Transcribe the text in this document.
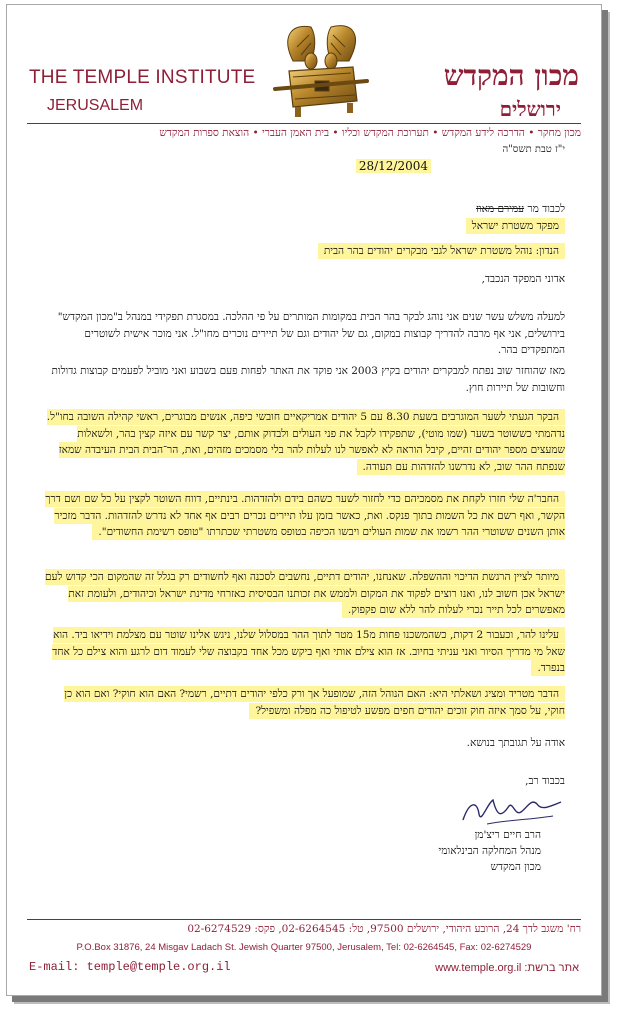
THE TEMPLE INSTITUTE
JERUSALEM
מכון המקדש
ירושלים
מכון מחקר • הדרכה לידע המקדש • תערוכת המקדש וכליו • בית האמן העברי • הוצאת ספרות המקדש
י"ז טבת תשס"ה
28/12/2004
לכבוד מר עמירם מאוז
מפקד משטרת ישראל
הנדון: נוהל משטרת ישראל לגבי מבקרים יהודים בהר הבית
אדוני המפקד הנכבד,
למעלה משלש עשר שנים אני נוהג לבקר בהר הבית במקומות המותרים על פי ההלכה. במסגרת תפקידי במנהל ב"מכון המקדש" בירושלים, אני אף מרבה להדריך קבוצות במקום, גם של יהודים וגם של תיירים נוכרים מחו"ל. אני מוכר אישית לשוטרים המתפקדים בהר.
מאז שהוחזר שוב נפתח למבקרים יהודים בקיץ 2003 אני פוקד את האתר לפחות פעם בשבוע ואני מוביל לפעמים קבוצות גדולות וחשובות של תיירות חוץ.
הבקר הגעתי לשער המוגרבים בשעת 8.30 עם 5 יהודים אמריקאיים חובשי כיפה, אנשים מבוגרים, ראשי קהילה השובה בחו"ל. נדהמתי כששוטר בשער (שמו מוטי), שתפקידו לקבל את פני העולים ולבדוק אותם, יצר קשר עם איזה קצין בהר, ולשאלות שמעצים מספר יהודים זהיים, קיבל הוראה לא לאפשר לנו לעלות להר בלי מסמכים מזהים, ואת, הר־הבית הבית העיבדה שמאז שנפתח ההר שוב, לא נדרשנו להזדהות עם תעודה.
החבר'ה שלי חזרו לקחת את מסמכיהם כדי לחזור לשער כשהם בידם ולהזדהות. בינתיים, דווח השוטר לקצין על כל שם ושם דרך הקשר, ואף רשם את כל השמות בתוך פנקס. ואת, כאשר בזמן עלו תיירים נכרים רבים אף אחד לא נדרש להזדהות. הדבר מזכיר אותן השנים ששוטרי ההר רשמו את שמות העולים ויבשו הכיפה בטופס משטרתי שכתרתו "טופס רשימת החשודים".
מיותר לציין הרגשת הדיכוי וההשפלה. שאנחנו, יהודים דתיים, נחשבים לסכנה ואף לחשודים רק בגלל זה שהמקום הכי קדוש לעם ישראל אכן חשוב לנו, ואנו רוצים לפקוד את המקום ולממש את זכותנו הבסיסית כאזרחי מדינת ישראל וכיהודים, ולעומת זאת מאפשרים לכל תייר נכרי לעלות להר ללא שום פקפוק.
עלינו להר, וכעבור 2 דקות, כשהמשכנו פחות מ15 מטר לתוך ההר במסלול שלנו, ניגש אלינו שוטר עם מצלמת וידיאו ביד. הוא שאל מי מדריך הסיור ואני עניתי בחיוב. אז הוא צילם אותי ואף ביקש מכל אחד בקבוצה שלי לעמוד דום לרגע והוא צילם כל אחד בנפרד.
הדבר מטריד ומציג ושאלתי היא: האם הנוהל הזה, שמופעל אך ורק כלפי יהודים דתיים, רשמי? האם הוא חוקי? ואם הוא כן חוקי, על סמך איזה חוק זוכים יהודים חפים מפשע לטיפול כה מפלה ומשפיל?
אודה על תגובתך בנושא.
בכבוד רב,
הרב חיים ריצ'מן
מנהל המחלקה הבינלאומי
מכון המקדש
רח' משגב לדך 24, הרובע היהודי, ירושלים 97500, טל: 02-6264545, פקס: 02-6274529
P.O.Box 31876, 24 Misgav Ladach St. Jewish Quarter 97500, Jerusalem, Tel: 02-6264545, Fax: 02-6274529
E-mail: temple@temple.org.il	אתר ברשת: www.temple.org.il
